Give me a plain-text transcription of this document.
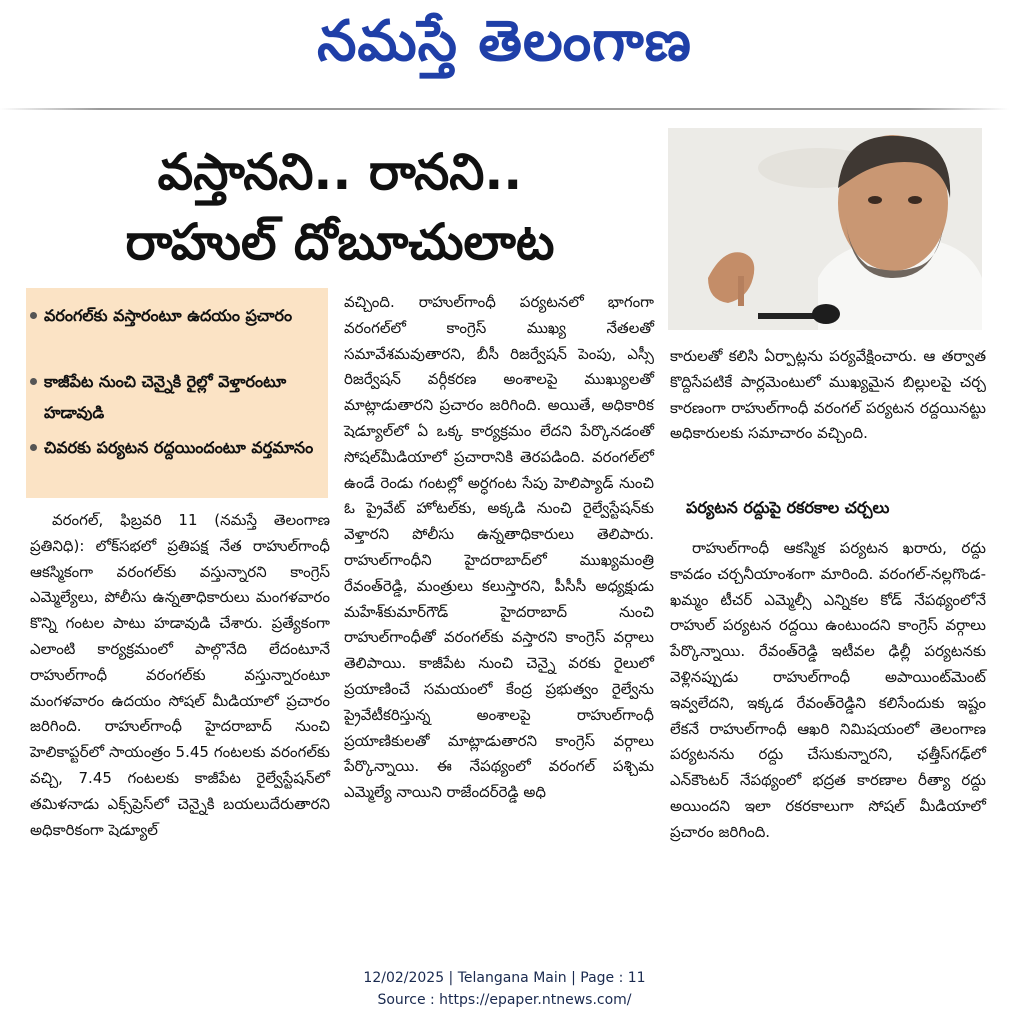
నమస్తే తెలంగాణ
వస్తానని.. రానని..
రాహుల్ దోబూచులాట
వరంగల్‌కు వస్తారంటూ ఉదయం ప్రచారం
కాజీపేట నుంచి చెన్నైకి రైల్లో వెళ్తారంటూ హడావుడి
చివరకు పర్యటన రద్దయిందంటూ వర్తమానం

వరంగల్, ఫిబ్రవరి 11 (నమస్తే తెలంగాణ ప్రతినిధి): లోక్‌సభలో ప్రతిపక్ష నేత రాహుల్‌గాంధీ ఆకస్మికంగా వరంగల్‌కు వస్తున్నారని కాంగ్రెస్ ఎమ్మెల్యేలు, పోలీసు ఉన్నతాధికారులు మంగళవారం కొన్ని గంటల పాటు హడావుడి చేశారు. ప్రత్యేకంగా ఎలాంటి కార్యక్రమంలో పాల్గొనేది లేదంటూనే రాహుల్‌గాంధీ వరంగల్‌కు వస్తున్నారంటూ మంగళవారం ఉదయం సోషల్ మీడియాలో ప్రచారం జరిగింది. రాహుల్‌గాంధీ హైదరాబాద్ నుంచి హెలికాప్టర్‌లో సాయంత్రం 5.45 గంటలకు వరంగల్‌కు వచ్చి, 7.45 గంటలకు కాజీపేట రైల్వేస్టేషన్‌లో తమిళనాడు ఎక్స్‌ప్రెస్‌లో చెన్నైకి బయలుదేరుతారని అధికారికంగా షెడ్యూల్

వచ్చింది. రాహుల్‌గాంధీ పర్యటనలో భాగంగా వరంగల్‌లో కాంగ్రెస్ ముఖ్య నేతలతో సమావేశమవుతారని, బీసీ రిజర్వేషన్ పెంపు, ఎస్సీ రిజర్వేషన్ వర్గీకరణ అంశాలపై ముఖ్యులతో మాట్లాడుతారని ప్రచారం జరిగింది. అయితే, అధికారిక షెడ్యూల్‌లో ఏ ఒక్క కార్యక్రమం లేదని పేర్కొనడంతో సోషల్‌మీడియాలో ప్రచారానికి తెరపడింది. వరంగల్‌లో ఉండే రెండు గంటల్లో అర్ధగంట సేపు హెలిప్యాడ్ నుంచి ఓ ప్రైవేట్ హోటల్‌కు, అక్కడి నుంచి రైల్వేస్టేషన్‌కు వెళ్తారని పోలీసు ఉన్నతాధికారులు తెలిపారు. రాహుల్‌గాంధీని హైదరాబాద్‌లో ముఖ్యమంత్రి రేవంత్‌రెడ్డి, మంత్రులు కలుస్తారని, పీసీసీ అధ్యక్షుడు మహేశ్‌కుమార్‌గౌడ్ హైదరాబాద్ నుంచి రాహుల్‌గాంధీతో వరంగల్‌కు వస్తారని కాంగ్రెస్ వర్గాలు తెలిపాయి. కాజీపేట నుంచి చెన్నై వరకు రైలులో ప్రయాణించే సమయంలో కేంద్ర ప్రభుత్వం రైల్వేను ప్రైవేటీకరిస్తున్న అంశాలపై రాహుల్‌గాంధీ ప్రయాణికులతో మాట్లాడుతారని కాంగ్రెస్ వర్గాలు పేర్కొన్నాయి. ఈ నేపథ్యంలో వరంగల్ పశ్చిమ ఎమ్మెల్యే నాయిని రాజేందర్‌రెడ్డి అధి

కారులతో కలిసి ఏర్పాట్లను పర్యవేక్షించారు. ఆ తర్వాత కొద్దిసేపటికే పార్లమెంటులో ముఖ్యమైన బిల్లులపై చర్చ కారణంగా రాహుల్‌గాంధీ వరంగల్ పర్యటన రద్దయినట్టు అధికారులకు సమాచారం వచ్చింది.

పర్యటన రద్దుపై రకరకాల చర్చలు

రాహుల్‌గాంధీ ఆకస్మిక పర్యటన ఖరారు, రద్దు కావడం చర్చనీయాంశంగా మారింది. వరంగల్-నల్లగొండ-ఖమ్మం టీచర్ ఎమ్మెల్సీ ఎన్నికల కోడ్ నేపథ్యంలోనే రాహుల్ పర్యటన రద్దయి ఉంటుందని కాంగ్రెస్ వర్గాలు పేర్కొన్నాయి. రేవంత్‌రెడ్డి ఇటీవల ఢిల్లీ పర్యటనకు వెళ్లినప్పుడు రాహుల్‌గాంధీ అపాయింట్‌మెంట్ ఇవ్వలేదని, ఇక్కడ రేవంత్‌రెడ్డిని కలిసేందుకు ఇష్టం లేకనే రాహుల్‌గాంధీ ఆఖరి నిమిషయంలో తెలంగాణ పర్యటనను రద్దు చేసుకున్నారని, ఛత్తీస్‌గఢ్‌లో ఎన్‌కౌంటర్ నేపథ్యంలో భద్రత కారణాల రీత్యా రద్దు అయిందని ఇలా రకరకాలుగా సోషల్ మీడియాలో ప్రచారం జరిగింది.

12/02/2025 | Telangana Main | Page : 11
Source : https://epaper.ntnews.com/
